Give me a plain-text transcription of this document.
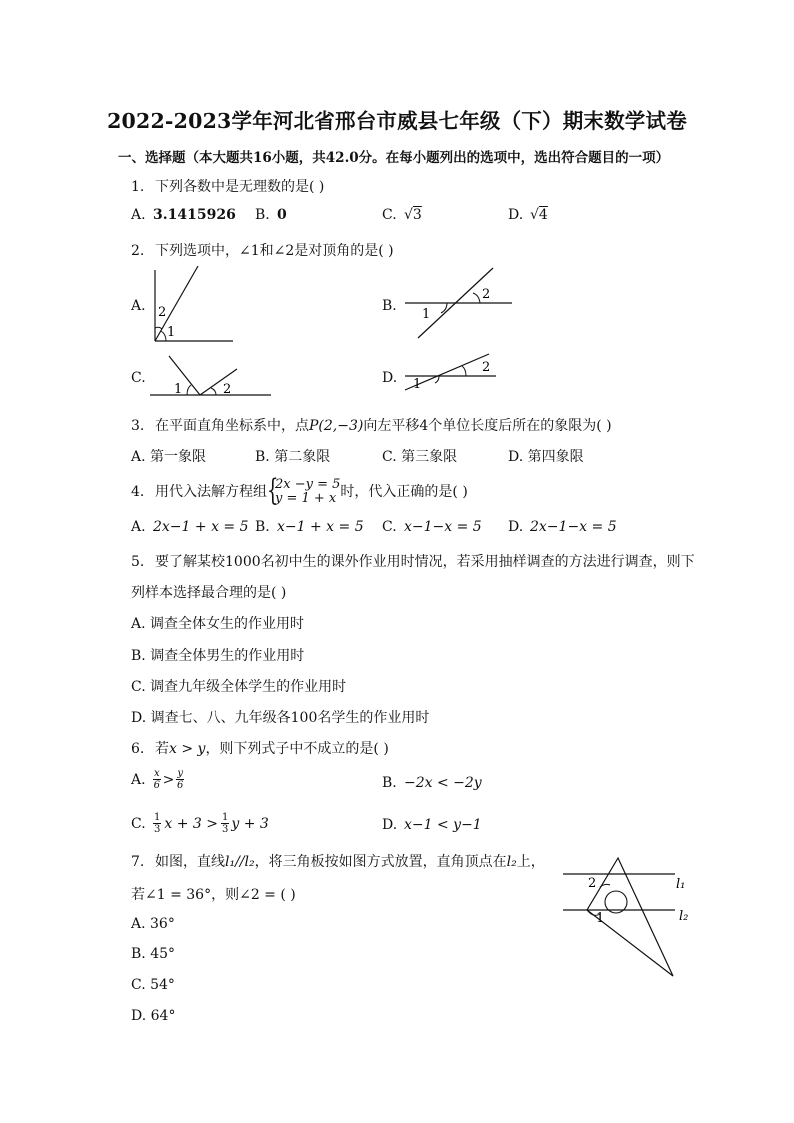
2022-2023学年河北省邢台市威县七年级（下）期末数学试卷
一、选择题（本大题共16小题，共42.0分。在每小题列出的选项中，选出符合题目的一项）
1. 下列各数中是无理数的是( )
A. 3.1415926 B. 0	C. √3	D. √4
2. 下列选项中，∠1和∠2是对顶角的是( )
A.	B.
C.	D.
2
1
2
1
1	2
2
1
3. 在平面直角坐标系中，点P(2,−3)向左平移4个单位长度后所在的象限为( )
A. 第一象限	B. 第二象限	C. 第三象限	D. 第四象限
4. 用代入法解方程组 {
2x −y = 5
y = 1 + x 时，代入正确的是( )
A. 2x−1 + x = 5 B. x−1 + x = 5 C. x−1−x = 5 D. 2x−1−x = 5
5. 要了解某校1000名初中生的课外作业用时情况，若采用抽样调查的方法进行调查，则下
列样本选择最合理的是( )
A. 调查全体女生的作业用时
B. 调查全体男生的作业用时
C. 调查九年级全体学生的作业用时
D. 调查七、八、九年级各100名学生的作业用时
6. 若x > y，则下列式子中不成立的是( )
A. $\frac{x}{6} > \frac{y}{6}$	B. −2x < −2y
C. $\frac{1}{3}$ $x + 3 > \frac{1}{3}$ y + 3	D. x−1 < y−1
7. 如图，直线l₁//l₂，将三角板按如图方式放置，直角顶点在l₂上，
若∠1 = 36°，则∠2 = ( )
A. 36°
B. 45°
C. 54°
D. 64°
2
1
l₁
l₂
